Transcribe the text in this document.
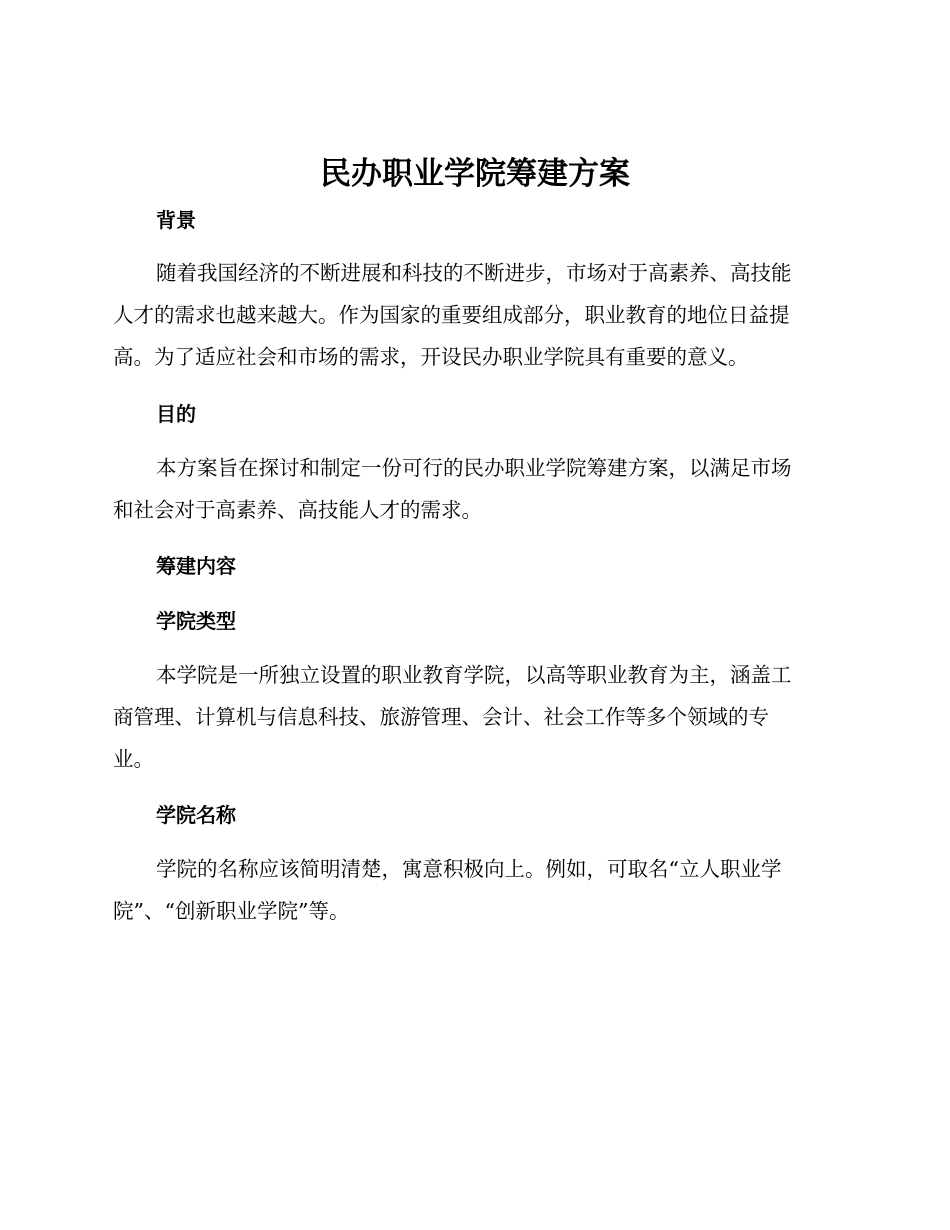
民办职业学院筹建方案
背景

随着我国经济的不断进展和科技的不断进步，市场对于高素养、高技能
人才的需求也越来越大。作为国家的重要组成部分，职业教育的地位日益提
高。为了适应社会和市场的需求，开设民办职业学院具有重要的意义。

目的

本方案旨在探讨和制定一份可行的民办职业学院筹建方案，以满足市场
和社会对于高素养、高技能人才的需求。

筹建内容
学院类型

本学院是一所独立设置的职业教育学院，以高等职业教育为主，涵盖工
商管理、计算机与信息科技、旅游管理、会计、社会工作等多个领域的专
业。

学院名称

学院的名称应该简明清楚，寓意积极向上。例如，可取名“立人职业学
院”、“创新职业学院”等。
